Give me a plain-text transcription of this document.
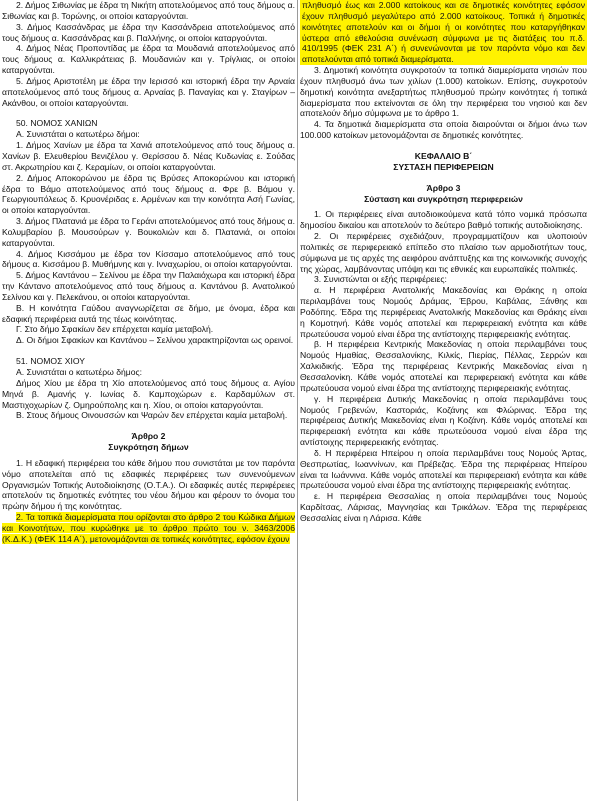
2. Δήμος Σιθωνίας με έδρα τη Νικήτη αποτελούμενος από τους δήμους α. Σιθωνίας και β. Τορώνης, οι οποίοι καταργούνται.

3. Δήμος Κασσάνδρας με έδρα την Κασσάνδρεια αποτελούμενος από τους δήμους α. Κασσάνδρας και β. Παλλήνης, οι οποίοι καταργούνται.

4. Δήμος Νέας Προποντίδας με έδρα τα Μουδανιά αποτελούμενος από τους δήμους α. Καλλικράτειας β. Μουδανιών και γ. Τρίγλιας, οι οποίοι καταργούνται.

5. Δήμος Αριστοτέλη με έδρα την Ιερισσό και ιστορική έδρα την Αρναία αποτελούμενος από τους δήμους α. Αρναίας β. Παναγίας και γ. Σταγίρων – Ακάνθου, οι οποίοι καταργούνται.

50. ΝΟΜΟΣ ΧΑΝΙΩΝ

Α. Συνιστάται ο κατωτέρω δήμοι:

1. Δήμος Χανίων με έδρα τα Χανιά αποτελούμενος από τους δήμους α. Χανίων β. Ελευθερίου Βενιζέλου γ. Θερίσσου δ. Νέας Κυδωνίας ε. Σούδας στ. Ακρωτηρίου και ζ. Κεραμίων, οι οποίοι καταργούνται.

2. Δήμος Αποκορώνου με έδρα τις Βρύσες Αποκορώνου και ιστορική έδρα το Βάμο αποτελούμενος από τους δήμους α. Φρε β. Βάμου γ. Γεωργιουπόλεως δ. Κρυονέριδας ε. Αρμένων και την κοινότητα Ασή Γωνίας, οι οποίοι καταργούνται.

3. Δήμος Πλατανιά με έδρα το Γεράνι αποτελούμενος από τους δήμους α. Κολυμβαρίου β. Μουσούρων γ. Βουκολιών και δ. Πλατανιά, οι οποίοι καταργούνται.

4. Δήμος Κισσάμου με έδρα τον Κίσσαμο αποτελούμενος από τους δήμους α. Κισσάμου β. Μυθήμνης και γ. Ινναχωρίου, οι οποίοι καταργούνται.

5. Δήμος Καντάνου – Σελίνου με έδρα την Παλαιόχωρα και ιστορική έδρα την Κάντανο αποτελούμενος από τους δήμους α. Καντάνου β. Ανατολικού Σελίνου και γ. Πελεκάνου, οι οποίοι καταργούνται.

Β. Η κοινότητα Γαύδου αναγνωρίζεται σε δήμο, με όνομα, έδρα και εδαφική περιφέρεια αυτά της τέως κοινότητας.

Γ. Στο δήμο Σφακίων δεν επέρχεται καμία μεταβολή.

Δ. Οι δήμοι Σφακίων και Καντάνου – Σελίνου χαρακτηρίζονται ως ορεινοί.

51. ΝΟΜΟΣ ΧΙΟΥ

Α. Συνιστάται ο κατωτέρω δήμος:

Δήμος Χίου με έδρα τη Χίο αποτελούμενος από τους δήμους α. Αγίου Μηνά β. Αμανής γ. Ιωνίας δ. Καμποχώρων ε. Καρδαμύλων στ. Μαστιχοχωρίων ζ. Ομηρούπολης και η. Χίου, οι οποίοι καταργούνται.

Β. Στους δήμους Οινουσσών και Ψαρών δεν επέρχεται καμία μεταβολή.

Άρθρο 2

Συγκρότηση δήμων

1. Η εδαφική περιφέρεια του κάθε δήμου που συνιστάται με τον παρόντα νόμο αποτελείται από τις εδαφικές περιφέρειες των συνενούμενων Οργανισμών Τοπικής Αυτοδιοίκησης (Ο.Τ.Α.). Οι εδαφικές αυτές περιφέρειες αποτελούν τις δημοτικές ενότητες του νέου δήμου και φέρουν το όνομα του πρώην δήμου ή της κοινότητας.

2. Τα τοπικά διαμερίσματα που ορίζονται στο άρθρο 2 του Κώδικα Δήμων και Κοινοτήτων, που κυρώθηκε με το άρθρο πρώτο του ν. 3463/2006 (Κ.Δ.Κ.) (ΦΕΚ 114 Α΄), μετονομάζονται σε τοπικές κοινότητες, εφόσον έχουν

πληθυσμό έως και 2.000 κατοίκους και σε δημοτικές κοινότητες εφόσον έχουν πληθυσμό μεγαλύτερο από 2.000 κατοίκους. Τοπικά ή δημοτικές κοινότητες αποτελούν και οι δήμοι ή οι κοινότητες που καταργήθηκαν ύστερα από εθελούσια συνένωση σύμφωνα με τις διατάξεις του π.δ. 410/1995 (ΦΕΚ 231 Α΄) ή συνενώνονται με τον παρόντα νόμο και δεν αποτελούνται από τοπικά διαμερίσματα.

3. Δημοτική κοινότητα συγκροτούν τα τοπικά διαμερίσματα νησιών που έχουν πληθυσμό άνω των χιλίων (1.000) κατοίκων. Επίσης, συγκροτούν δημοτική κοινότητα ανεξαρτήτως πληθυσμού πρώην κοινότητες ή τοπικά διαμερίσματα που εκτείνονται σε όλη την περιφέρεια του νησιού και δεν αποτελούν δήμο σύμφωνα με το άρθρο 1.

4. Τα δημοτικά διαμερίσματα στα οποία διαιρούνται οι δήμοι άνω των 100.000 κατοίκων μετονομάζονται σε δημοτικές κοινότητες.

ΚΕΦΑΛΑΙΟ Β΄

ΣΥΣΤΑΣΗ ΠΕΡΙΦΕΡΕΙΩΝ

Άρθρο 3

Σύσταση και συγκρότηση περιφερειών

1. Οι περιφέρειες είναι αυτοδιοικούμενα κατά τόπο νομικά πρόσωπα δημοσίου δικαίου και αποτελούν το δεύτερο βαθμό τοπικής αυτοδιοίκησης.

2. Οι περιφέρειες σχεδιάζουν, προγραμματίζουν και υλοποιούν πολιτικές σε περιφερειακό επίπεδο στο πλαίσιο των αρμοδιοτήτων τους, σύμφωνα με τις αρχές της αειφόρου ανάπτυξης και της κοινωνικής συνοχής της χώρας, λαμβάνοντας υπόψη και τις εθνικές και ευρωπαϊκές πολιτικές.

3. Συνιστώνται οι εξής περιφέρειες:

α. Η περιφέρεια Ανατολικής Μακεδονίας και Θράκης η οποία περιλαμβάνει τους Νομούς Δράμας, Έβρου, Καβάλας, Ξάνθης και Ροδόπης. Έδρα της περιφέρειας Ανατολικής Μακεδονίας και Θράκης είναι η Κομοτηνή. Κάθε νομός αποτελεί και περιφερειακή ενότητα και κάθε πρωτεύουσα νομού είναι έδρα της αντίστοιχης περιφερειακής ενότητας.

β. Η περιφέρεια Κεντρικής Μακεδονίας η οποία περιλαμβάνει τους Νομούς Ημαθίας, Θεσσαλονίκης, Κιλκίς, Πιερίας, Πέλλας, Σερρών και Χαλκιδικής. Έδρα της περιφέρειας Κεντρικής Μακεδονίας είναι η Θεσσαλονίκη. Κάθε νομός αποτελεί και περιφερειακή ενότητα και κάθε πρωτεύουσα νομού είναι έδρα της αντίστοιχης περιφερειακής ενότητας.

γ. Η περιφέρεια Δυτικής Μακεδονίας η οποία περιλαμβάνει τους Νομούς Γρεβενών, Καστοριάς, Κοζάνης και Φλώρινας. Έδρα της περιφέρειας Δυτικής Μακεδονίας είναι η Κοζάνη. Κάθε νομός αποτελεί και περιφερειακή ενότητα και κάθε πρωτεύουσα νομού είναι έδρα της αντίστοιχης περιφερειακής ενότητας.

δ. Η περιφέρεια Ηπείρου η οποία περιλαμβάνει τους Νομούς Άρτας, Θεσπρωτίας, Ιωαννίνων, και Πρέβεζας. Έδρα της περιφέρειας Ηπείρου είναι τα Ιωάννινα. Κάθε νομός αποτελεί και περιφερειακή ενότητα και κάθε πρωτεύουσα νομού είναι έδρα της αντίστοιχης περιφερειακής ενότητας.

ε. Η περιφέρεια Θεσσαλίας η οποία περιλαμβάνει τους Νομούς Καρδίτσας, Λάρισας, Μαγνησίας και Τρικάλων. Έδρα της περιφέρειας Θεσσαλίας είναι η Λάρισα. Κάθε
